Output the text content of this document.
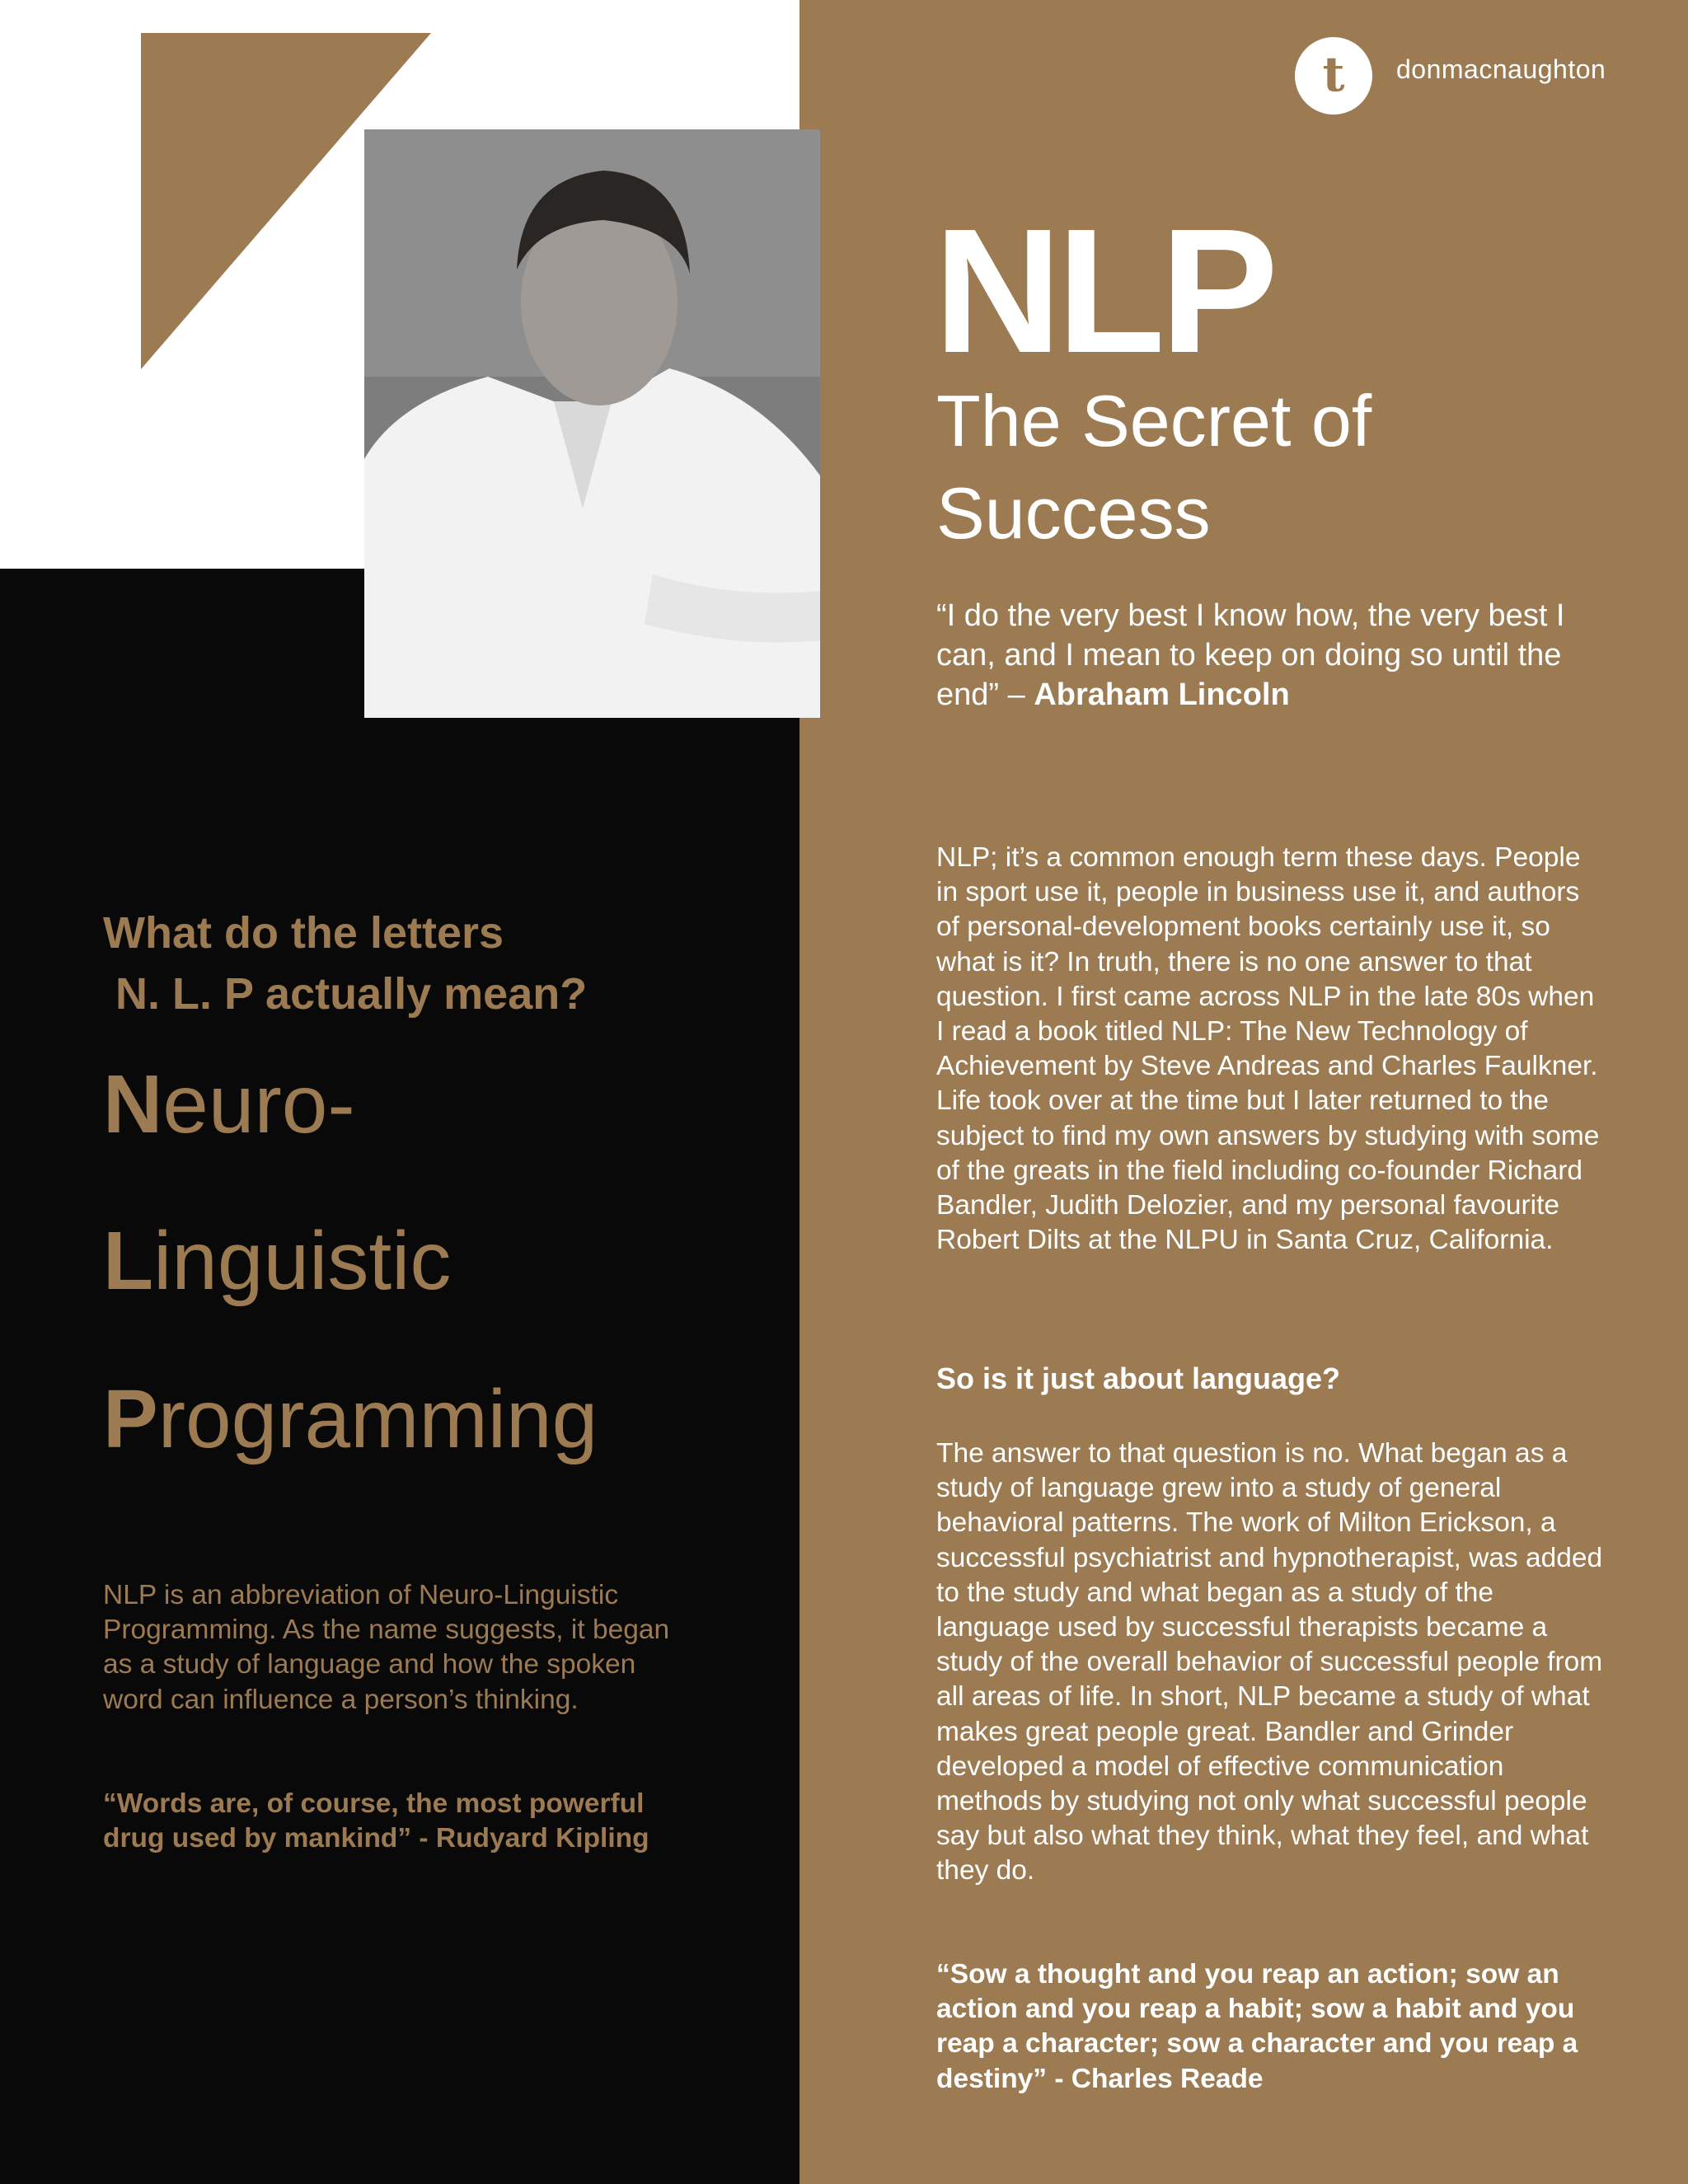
t	donmacnaughton
NLP
The Secret of Success
“I do the very best I know how, the very best I can, and I mean to keep on doing so until the end” – Abraham Lincoln
NLP; it’s a common enough term these days. People in sport use it, people in business use it, and authors of personal-development books certainly use it, so what is it? In truth, there is no one answer to that question. I first came across NLP in the late 80s when I read a book titled NLP: The New Technology of Achievement by Steve Andreas and Charles Faulkner. Life took over at the time but I later returned to the subject to find my own answers by studying with some of the greats in the field including co-founder Richard Bandler, Judith Delozier, and my personal favourite Robert Dilts at the NLPU in Santa Cruz, California.
So is it just about language?
The answer to that question is no. What began as a study of language grew into a study of general behavioral patterns. The work of Milton Erickson, a successful psychiatrist and hypnotherapist, was added to the study and what began as a study of the language used by successful therapists became a study of the overall behavior of successful people from all areas of life. In short, NLP became a study of what makes great people great. Bandler and Grinder developed a model of effective communication methods by studying not only what successful people say but also what they think, what they feel, and what they do.
“Sow a thought and you reap an action; sow an action and you reap a habit; sow a habit and you reap a character; sow a character and you reap a destiny” - Charles Reade
What do the letters
N. L. P actually mean?
Neuro-
Linguistic
Programming
NLP is an abbreviation of Neuro-Linguistic Programming. As the name suggests, it began as a study of language and how the spoken word can influence a person’s thinking.
“Words are, of course, the most powerful drug used by mankind” - Rudyard Kipling
